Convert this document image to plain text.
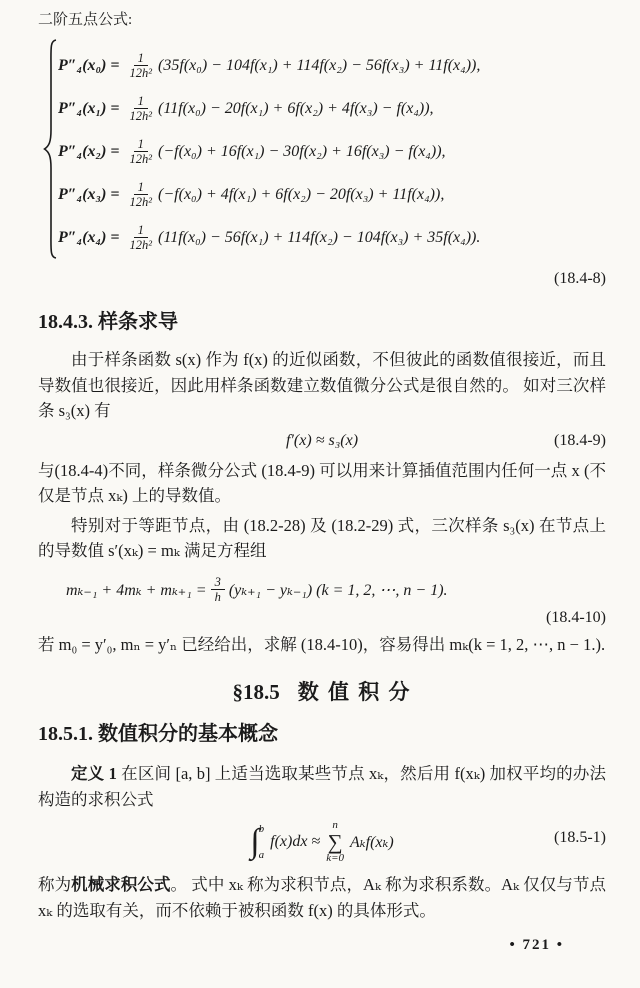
二阶五点公式:
$P''_4(x_0) = \frac{1}{\text{12h²}} (35f(x_0) - 104f(x_1) + 114f(x_2) - 56f(x_3) + 11f(x_4))$,
$P''_4(x_1) = \frac{1}{\text{12h²}} (11f(x_0) - 20f(x_1) + 6f(x_2) + 4f(x_3) - f(x_4))$,
$P''_4(x_2) = \frac{1}{\text{12h²}} (-f(x_0) + 16f(x_1) - 30f(x_2) + 16f(x_3) - f(x_4))$,
$P''_4(x_3) = \frac{1}{\text{12h²}} (-f(x_0) + 4f(x_1) + 6f(x_2) - 20f(x_3) + 11f(x_4))$,
$P''_4(x_4) = \frac{1}{\text{12h²}} (11f(x_0) - 56f(x_1) + 114f(x_2) - 104f(x_3) + 35f(x_4))$.
(18.4-8)
18.4.3. 样条求导

由于样条函数 s(x) 作为 f(x) 的近似函数，不但彼此的函数值很接近，而且导数值也很接近，因此用样条函数建立数值微分公式是很自然的。 如对三次样条 s₃(x) 有

f′(x) ≈ s₃(x)	(18.4-9)

与(18.4-4)不同，样条微分公式 (18.4-9) 可以用来计算插值范围内任何一点 x (不仅是节点 xₖ) 上的导数值。

特别对于等距节点，由 (18.2-28) 及 (18.2-29) 式，三次样条 s₃(x) 在节点上的导数值 s′(xₖ) = mₖ 满足方程组

$m_{k-1} + 4m_k + m_{k+1} = \frac{3}{h} (y_{k+1} - y_{k-1}) (k = 1$, 2, ⋯, n − 1).
(18.4-10)

若 m₀ = y′₀, mₙ = y′ₙ 已经给出，求解 (18.4-10)，容易得出 mₖ(k = 1, 2, ⋯, n − 1.).

§18.5 数 值 积 分
18.5.1. 数值积分的基本概念

定义 1 在区间 [a, b] 上适当选取某些节点 xₖ，然后用 f(xₖ) 加权平均的办法构造的求积公式

∫ b
a
f(x)dx ≈
n
∑
k=0
Aₖf(xₖ)	(18.5-1)

称为机械求积公式。 式中 xₖ 称为求积节点，Aₖ 称为求积系数。Aₖ 仅仅与节点 xₖ 的选取有关，而不依赖于被积函数 f(x) 的具体形式。

• 721 •
